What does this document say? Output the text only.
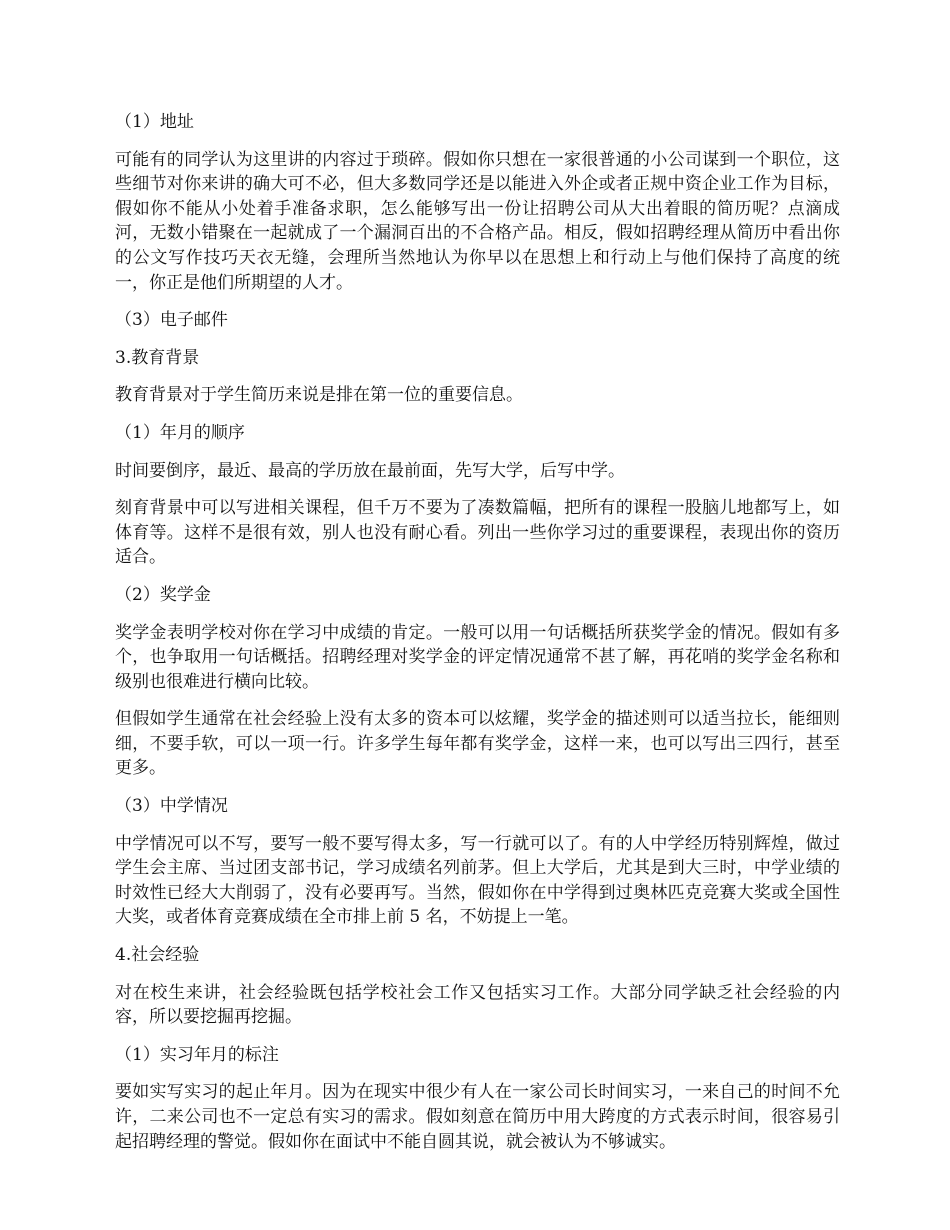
（1）地址

可能有的同学认为这里讲的内容过于琐碎。假如你只想在一家很普通的小公司谋到一个职位，这些细节对你来讲的确大可不必，但大多数同学还是以能进入外企或者正规中资企业工作为目标，假如你不能从小处着手准备求职，怎么能够写出一份让招聘公司从大出着眼的简历呢？点滴成河，无数小错聚在一起就成了一个漏洞百出的不合格产品。相反，假如招聘经理从简历中看出你的公文写作技巧天衣无缝，会理所当然地认为你早以在思想上和行动上与他们保持了高度的统一，你正是他们所期望的人才。

（3）电子邮件

3.教育背景

教育背景对于学生简历来说是排在第一位的重要信息。

（1）年月的顺序

时间要倒序，最近、最高的学历放在最前面，先写大学，后写中学。

刻育背景中可以写进相关课程，但千万不要为了凑数篇幅，把所有的课程一股脑儿地都写上，如体育等。这样不是很有效，别人也没有耐心看。列出一些你学习过的重要课程，表现出你的资历适合。

（2）奖学金

奖学金表明学校对你在学习中成绩的肯定。一般可以用一句话概括所获奖学金的情况。假如有多个，也争取用一句话概括。招聘经理对奖学金的评定情况通常不甚了解，再花哨的奖学金名称和级别也很难进行横向比较。

但假如学生通常在社会经验上没有太多的资本可以炫耀，奖学金的描述则可以适当拉长，能细则细，不要手软，可以一项一行。许多学生每年都有奖学金，这样一来，也可以写出三四行，甚至更多。

（3）中学情况

中学情况可以不写，要写一般不要写得太多，写一行就可以了。有的人中学经历特别辉煌，做过学生会主席、当过团支部书记，学习成绩名列前茅。但上大学后，尤其是到大三时，中学业绩的时效性已经大大削弱了，没有必要再写。当然，假如你在中学得到过奥林匹克竞赛大奖或全国性大奖，或者体育竞赛成绩在全市排上前 5 名，不妨提上一笔。

4.社会经验

对在校生来讲，社会经验既包括学校社会工作又包括实习工作。大部分同学缺乏社会经验的内容，所以要挖掘再挖掘。

（1）实习年月的标注

要如实写实习的起止年月。因为在现实中很少有人在一家公司长时间实习，一来自己的时间不允许，二来公司也不一定总有实习的需求。假如刻意在简历中用大跨度的方式表示时间，很容易引起招聘经理的警觉。假如你在面试中不能自圆其说，就会被认为不够诚实。
